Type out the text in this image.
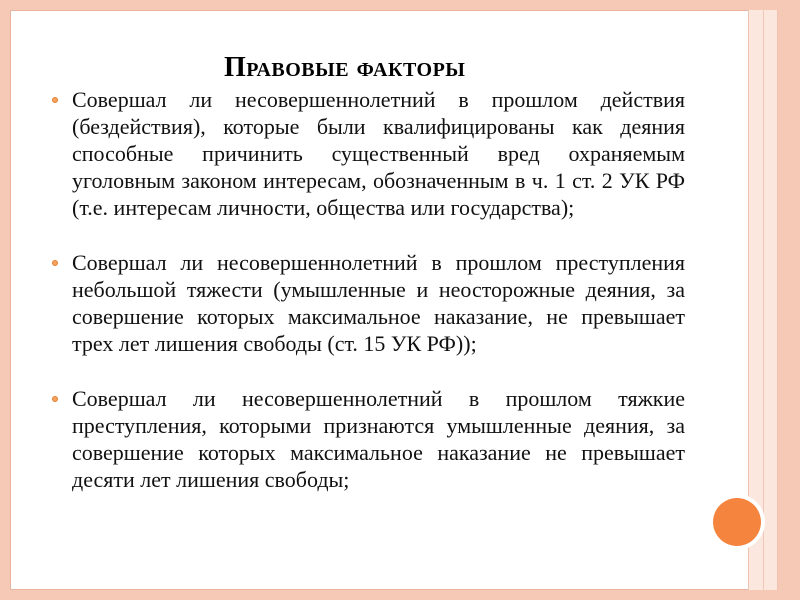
Правовые факторы
Совершал ли несовершеннолетний в прошлом действия (бездействия), которые были квалифицированы как деяния способные причинить существенный вред охраняемым уголовным законом интересам, обозначенным в ч. 1 ст. 2 УК РФ (т.е. интересам личности, общества или государства);
Совершал ли несовершеннолетний в прошлом преступления небольшой тяжести (умышленные и неосторожные деяния, за совершение которых максимальное наказание, не превышает трех лет лишения свободы (ст. 15 УК РФ));
Совершал ли несовершеннолетний в прошлом тяжкие преступления, которыми признаются умышленные деяния, за совершение которых максимальное наказание не превышает десяти лет лишения свободы;
